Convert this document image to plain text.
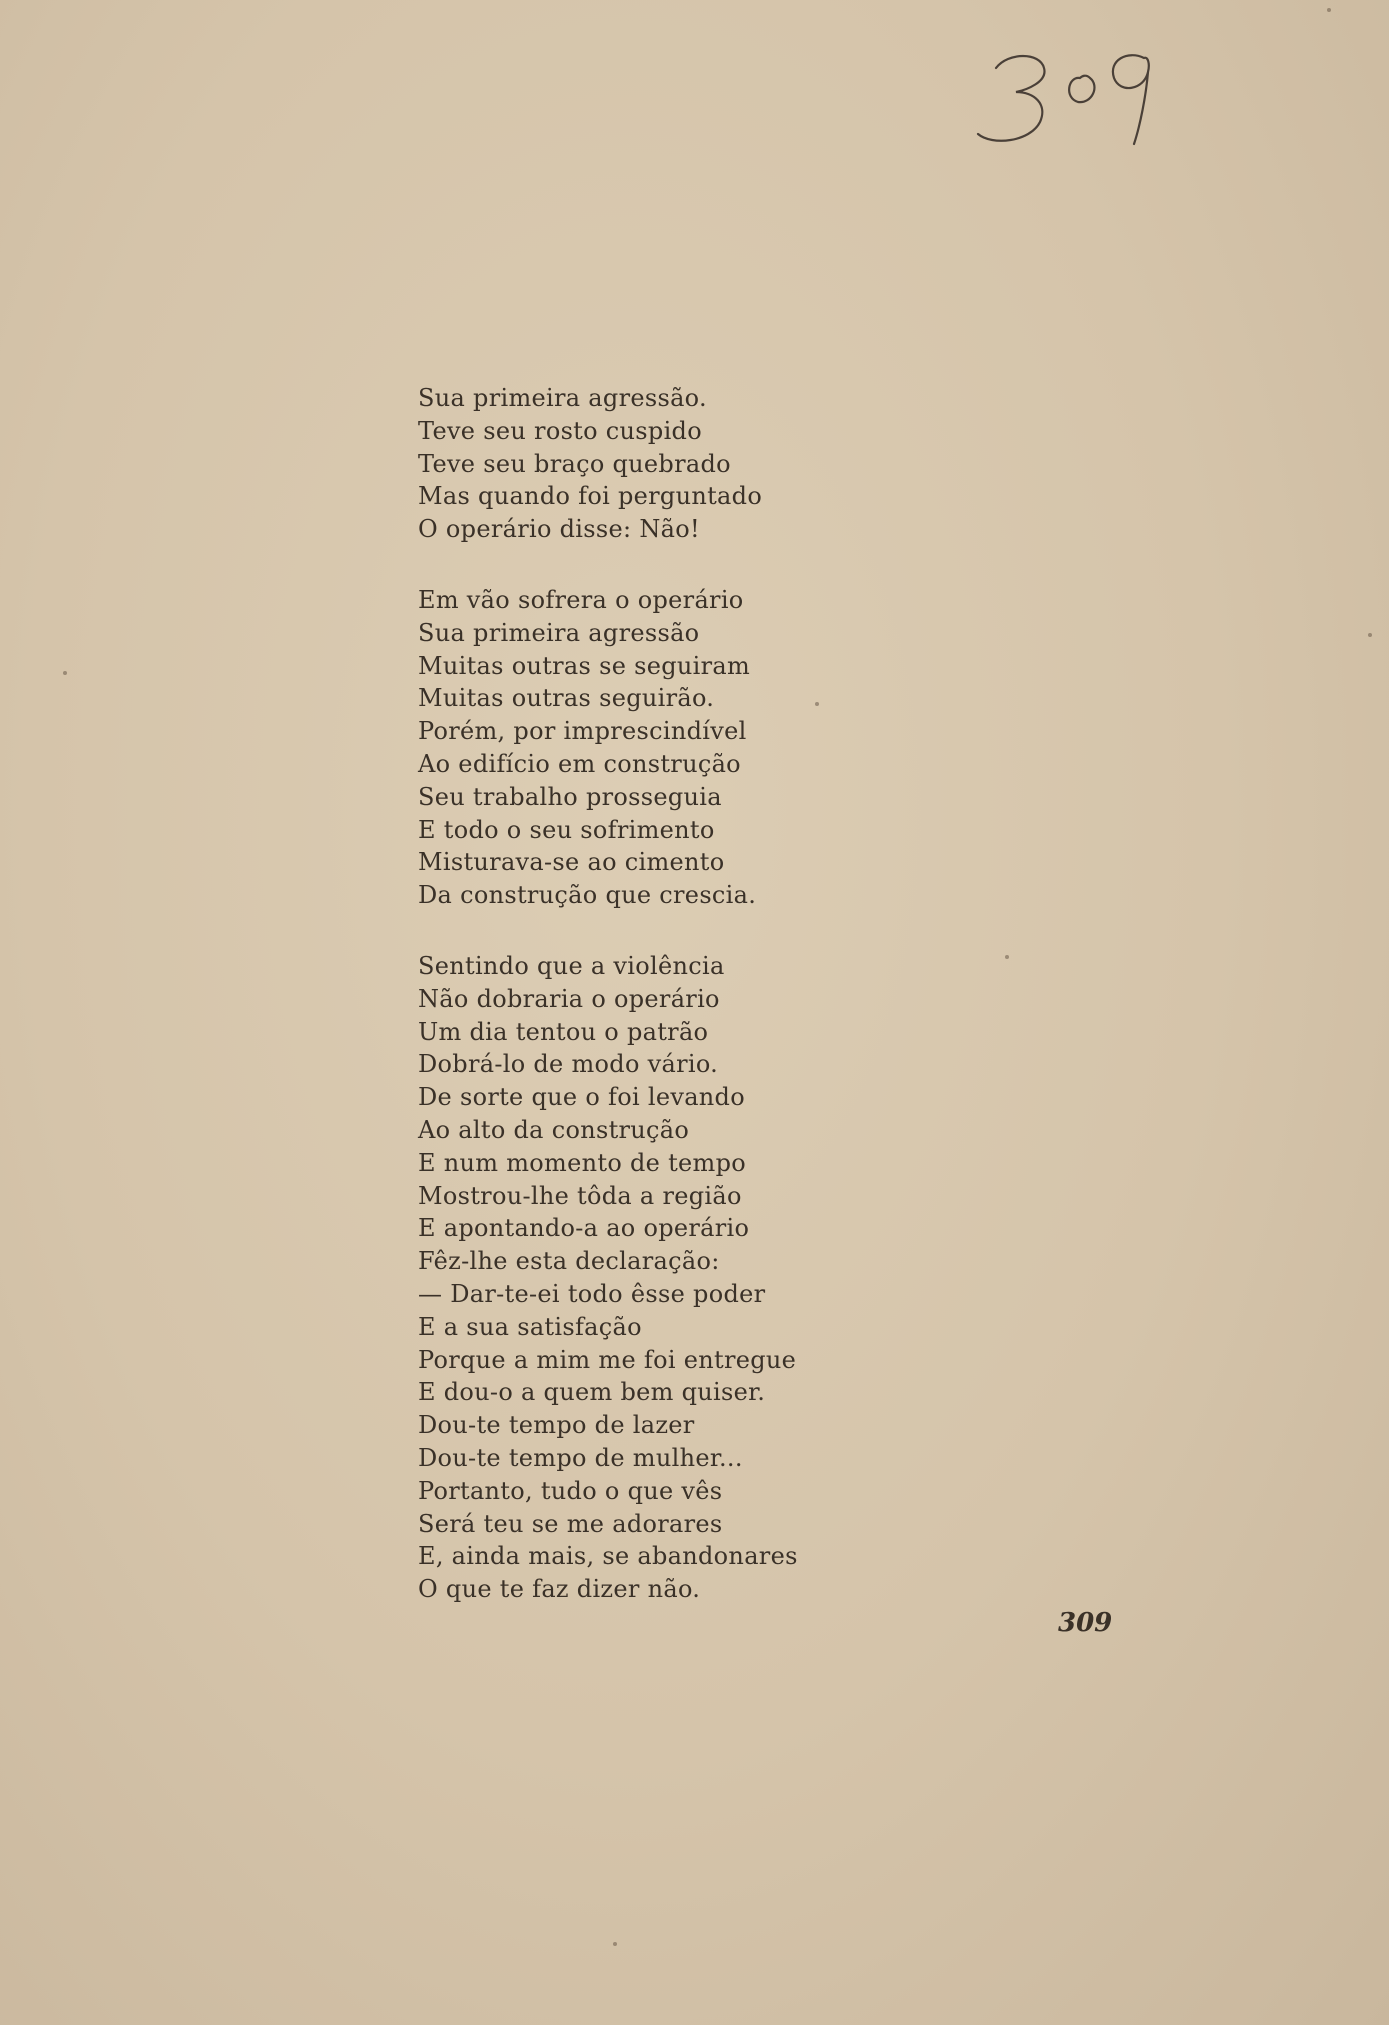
Sua primeira agressão.
Teve seu rosto cuspido
Teve seu braço quebrado
Mas quando foi perguntado
O operário disse: Não!
Em vão sofrera o operário
Sua primeira agressão
Muitas outras se seguiram
Muitas outras seguirão.
Porém, por imprescindível
Ao edifício em construção
Seu trabalho prosseguia
E todo o seu sofrimento
Misturava-se ao cimento
Da construção que crescia.
Sentindo que a violência
Não dobraria o operário
Um dia tentou o patrão
Dobrá-lo de modo vário.
De sorte que o foi levando
Ao alto da construção
E num momento de tempo
Mostrou-lhe tôda a região
E apontando-a ao operário
Fêz-lhe esta declaração:
— Dar-te-ei todo êsse poder
E a sua satisfação
Porque a mim me foi entregue
E dou-o a quem bem quiser.
Dou-te tempo de lazer
Dou-te tempo de mulher...
Portanto, tudo o que vês
Será teu se me adorares
E, ainda mais, se abandonares
O que te faz dizer não.
309
